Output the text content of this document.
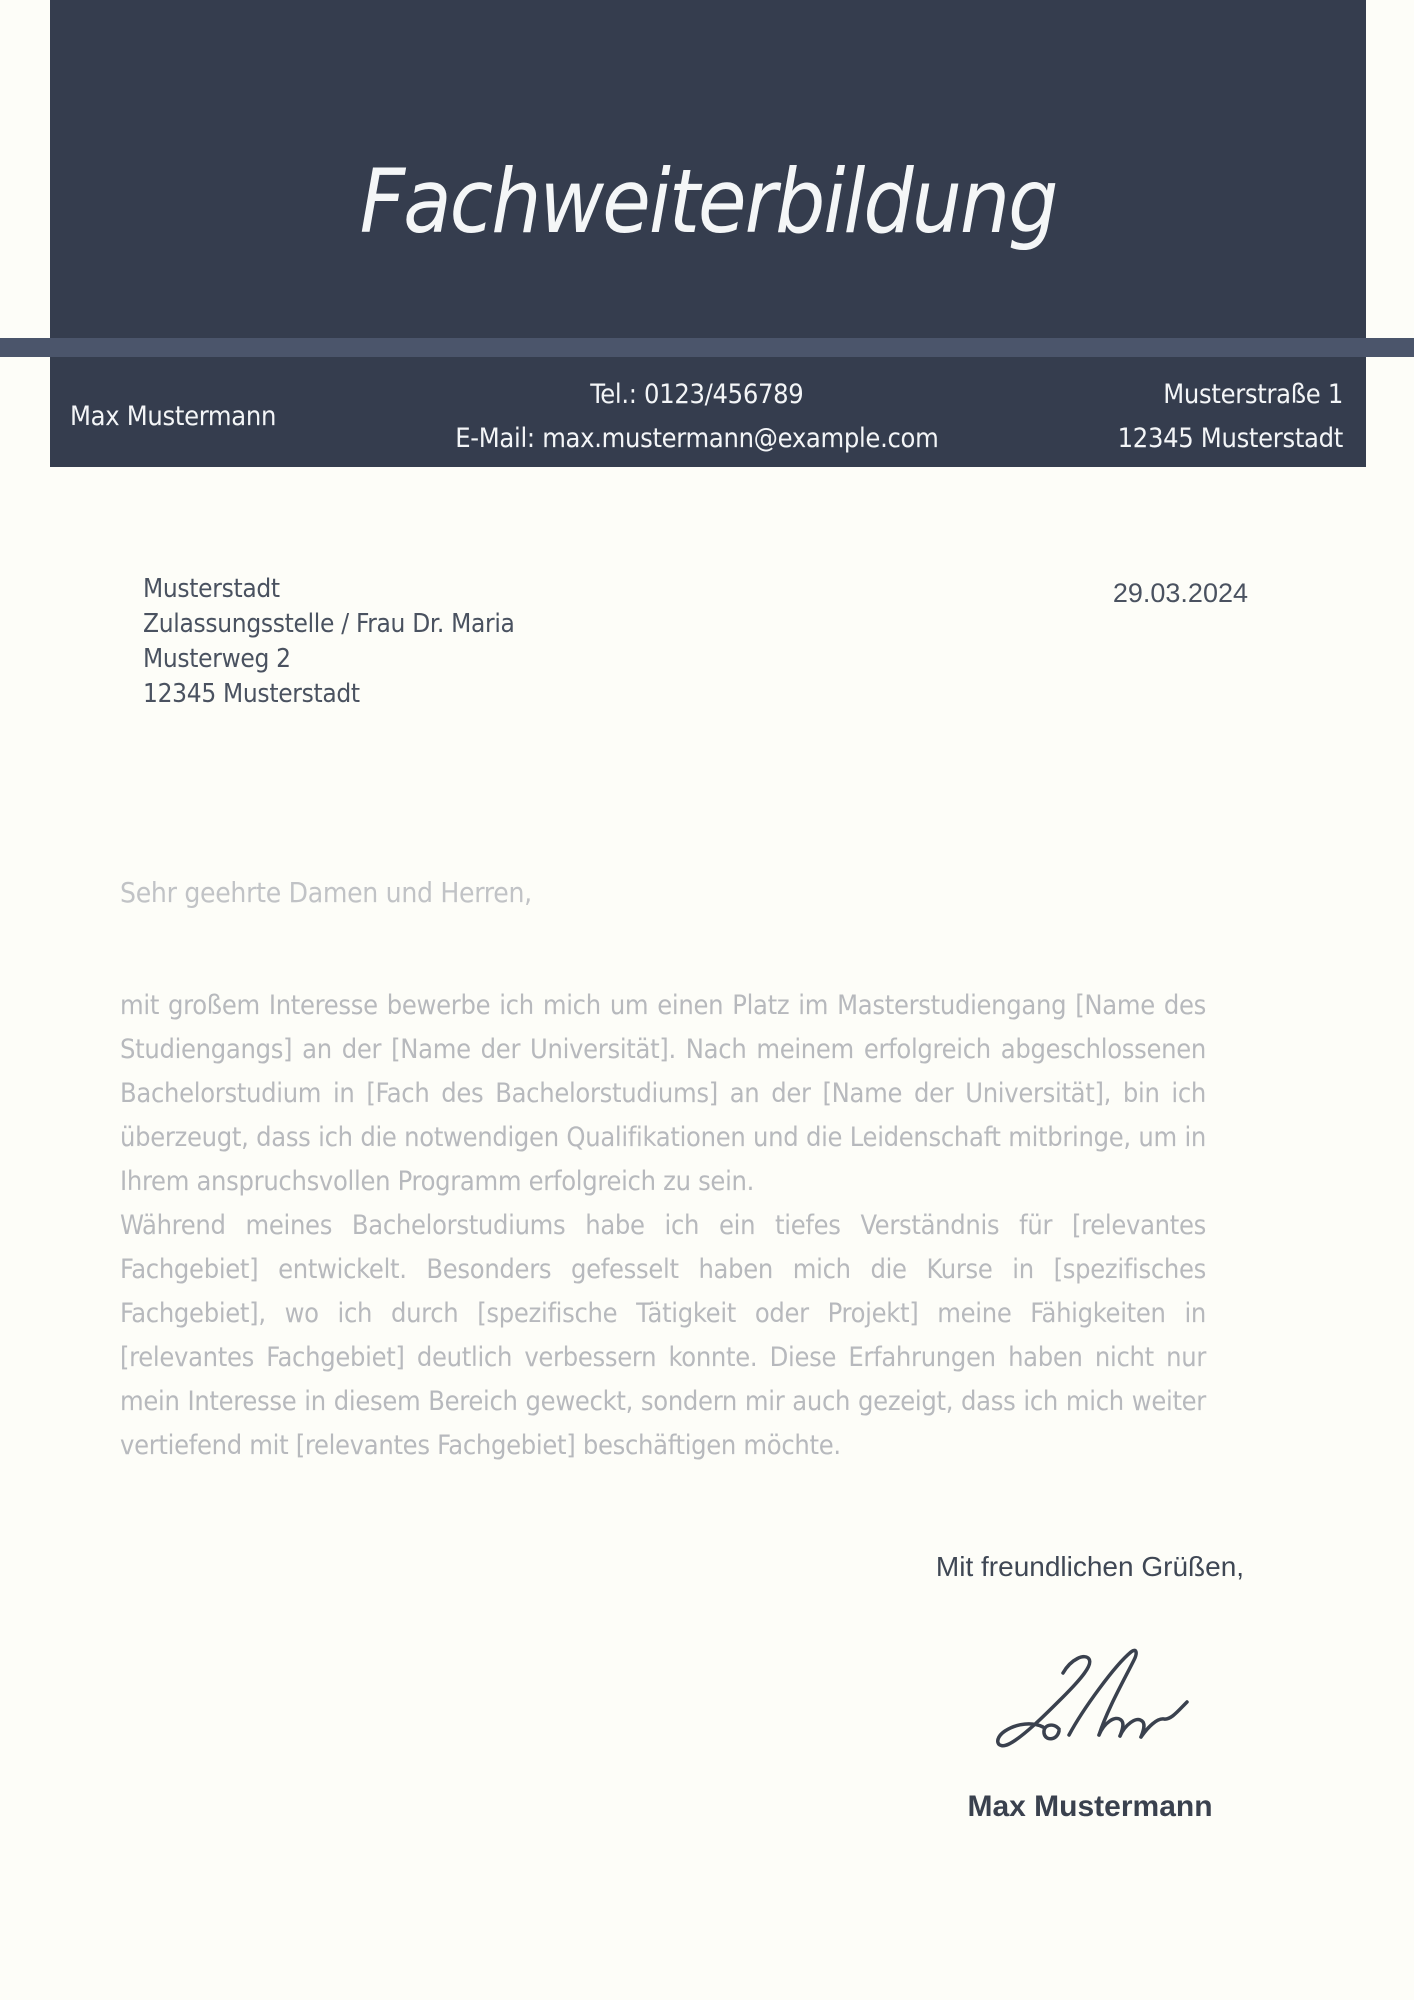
Fachweiterbildung
Max Mustermann
Tel.: 0123/456789
E-Mail: max.mustermann@example.com
Musterstraße 1
12345 Musterstadt
Musterstadt
Zulassungsstelle / Frau Dr. Maria
Musterweg 2
12345 Musterstadt
29.03.2024
Sehr geehrte Damen und Herren,

mit großem Interesse bewerbe ich mich um einen Platz im Masterstudiengang [Name des Studiengangs] an der [Name der Universität]. Nach meinem erfolgreich abgeschlossenen Bachelorstudium in [Fach des Bachelorstudiums] an der [Name der Universität], bin ich überzeugt, dass ich die notwendigen Qualifikationen und die Leidenschaft mitbringe, um in Ihrem anspruchsvollen Programm erfolgreich zu sein.

Während meines Bachelorstudiums habe ich ein tiefes Verständnis für [relevantes Fachgebiet] entwickelt. Besonders gefesselt haben mich die Kurse in [spezifisches Fachgebiet], wo ich durch [spezifische Tätigkeit oder Projekt] meine Fähigkeiten in [relevantes Fachgebiet] deutlich verbessern konnte. Diese Erfahrungen haben nicht nur mein Interesse in diesem Bereich geweckt, sondern mir auch gezeigt, dass ich mich weiter vertiefend mit [relevantes Fachgebiet] beschäftigen möchte.

Mit freundlichen Grüßen,
Max Mustermann
